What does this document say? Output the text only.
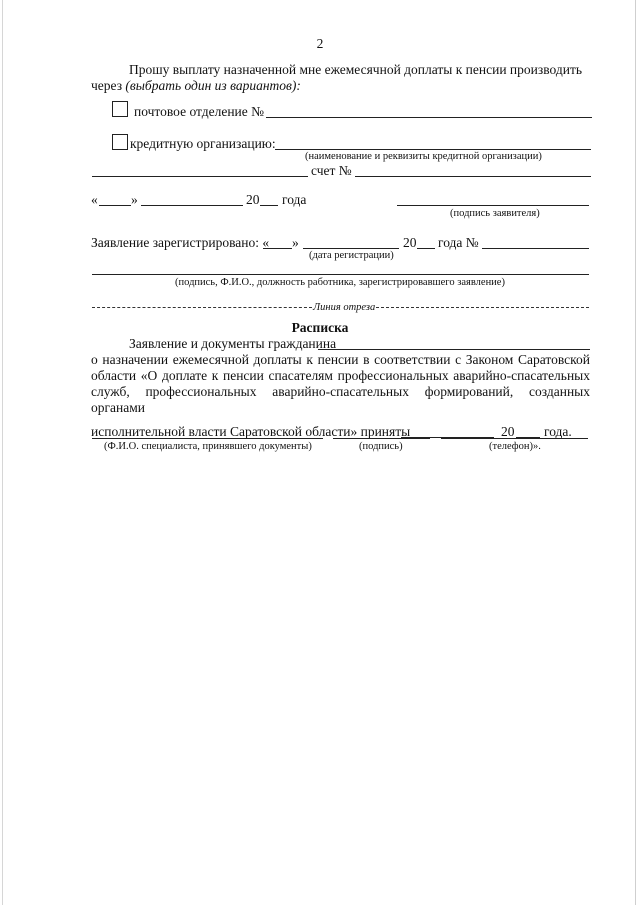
2
Прошу выплату назначенной мне ежемесячной доплаты к пенсии производить
через (выбрать один из вариантов):
почтовое отделение №
кредитную организацию:
(наименование и реквизиты кредитной организации)
счет №
« »	20 года
(подпись заявителя)
Заявление зарегистрировано: « »	20 года №
(дата регистрации)
(подпись, Ф.И.О., должность работника, зарегистрировавшего заявление)
Линия отреза
Расписка
Заявление и документы гражданина
о назначении ежемесячной доплаты к пенсии в соответствии с Законом Саратовской
области «О доплате к пенсии спасателям профессиональных аварийно-спасательных
служб, профессиональных аварийно-спасательных формирований, созданных органами
исполнительной власти Саратовской области» приняты	20 года.
(Ф.И.О. специалиста, принявшего документы)	(подпись)	(телефон)».
